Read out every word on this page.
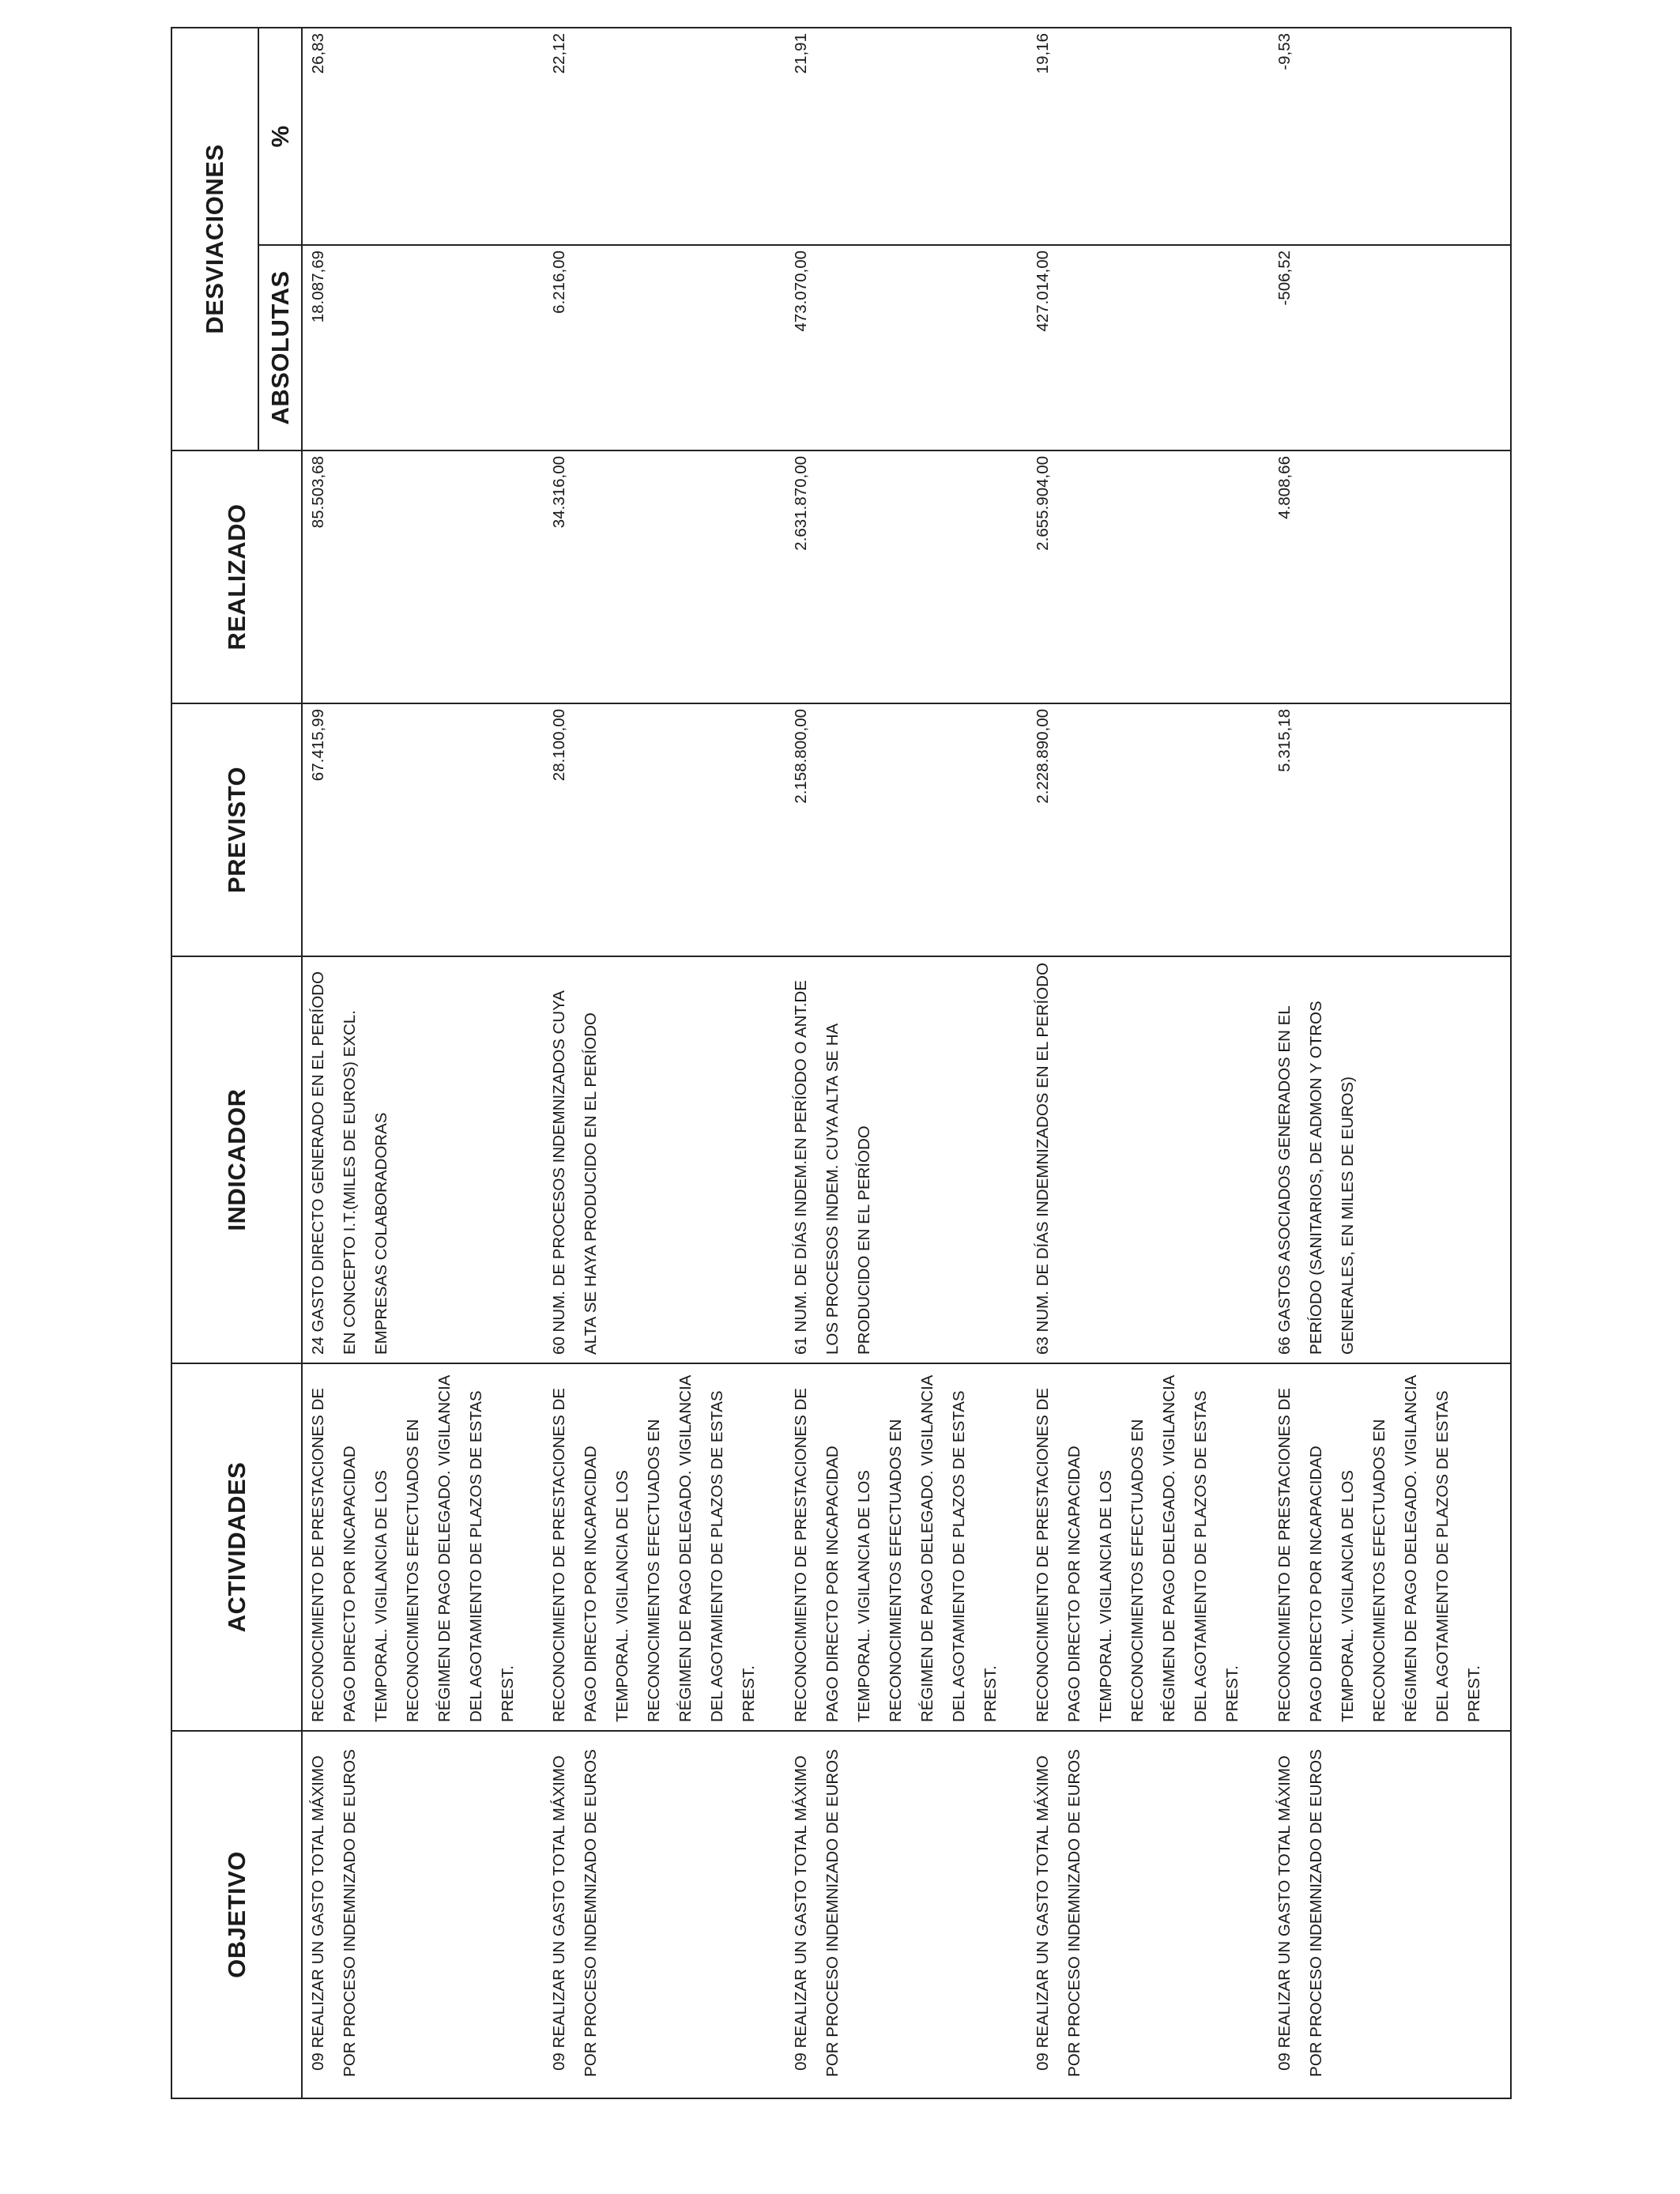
OBJETIVO	ACTIVIDADES	INDICADOR	PREVISTO	REALIZADO	DESVIACIONES	
					ABSOLUTAS	%
09 REALIZAR UN GASTO TOTAL MÁXIMO POR PROCESO INDEMNIZADO DE EUROS	RECONOCIMIENTO DE PRESTACIONES DE PAGO DIRECTO POR INCAPACIDAD TEMPORAL. VIGILANCIA DE LOS RECONOCIMIENTOS EFECTUADOS EN RÉGIMEN DE PAGO DELEGADO. VIGILANCIA DEL AGOTAMIENTO DE PLAZOS DE ESTAS PREST.	24 GASTO DIRECTO GENERADO EN EL PERÍODO EN CONCEPTO I.T.(MILES DE EUROS) EXCL. EMPRESAS COLABORADORAS	67.415,99	85.503,68	18.087,69	26,83
09 REALIZAR UN GASTO TOTAL MÁXIMO POR PROCESO INDEMNIZADO DE EUROS	RECONOCIMIENTO DE PRESTACIONES DE PAGO DIRECTO POR INCAPACIDAD TEMPORAL. VIGILANCIA DE LOS RECONOCIMIENTOS EFECTUADOS EN RÉGIMEN DE PAGO DELEGADO. VIGILANCIA DEL AGOTAMIENTO DE PLAZOS DE ESTAS PREST.	60 NUM. DE PROCESOS INDEMNIZADOS CUYA ALTA SE HAYA PRODUCIDO EN EL PERÍODO	28.100,00	34.316,00	6.216,00	22,12
09 REALIZAR UN GASTO TOTAL MÁXIMO POR PROCESO INDEMNIZADO DE EUROS	RECONOCIMIENTO DE PRESTACIONES DE PAGO DIRECTO POR INCAPACIDAD TEMPORAL. VIGILANCIA DE LOS RECONOCIMIENTOS EFECTUADOS EN RÉGIMEN DE PAGO DELEGADO. VIGILANCIA DEL AGOTAMIENTO DE PLAZOS DE ESTAS PREST.	61 NUM. DE DÍAS INDEM.EN PERÍODO O ANT.DE LOS PROCESOS INDEM. CUYA ALTA SE HA PRODUCIDO EN EL PERÍODO	2.158.800,00	2.631.870,00	473.070,00	21,91
09 REALIZAR UN GASTO TOTAL MÁXIMO POR PROCESO INDEMNIZADO DE EUROS	RECONOCIMIENTO DE PRESTACIONES DE PAGO DIRECTO POR INCAPACIDAD TEMPORAL. VIGILANCIA DE LOS RECONOCIMIENTOS EFECTUADOS EN RÉGIMEN DE PAGO DELEGADO. VIGILANCIA DEL AGOTAMIENTO DE PLAZOS DE ESTAS PREST.	63 NUM. DE DÍAS INDEMNIZADOS EN EL PERÍODO	2.228.890,00	2.655.904,00	427.014,00	19,16
09 REALIZAR UN GASTO TOTAL MÁXIMO POR PROCESO INDEMNIZADO DE EUROS	RECONOCIMIENTO DE PRESTACIONES DE PAGO DIRECTO POR INCAPACIDAD TEMPORAL. VIGILANCIA DE LOS RECONOCIMIENTOS EFECTUADOS EN RÉGIMEN DE PAGO DELEGADO. VIGILANCIA DEL AGOTAMIENTO DE PLAZOS DE ESTAS PREST.	66 GASTOS ASOCIADOS GENERADOS EN EL PERÍODO (SANITARIOS, DE ADMON Y OTROS GENERALES, EN MILES DE EUROS)	5.315,18	4.808,66	-506,52	-9,53
